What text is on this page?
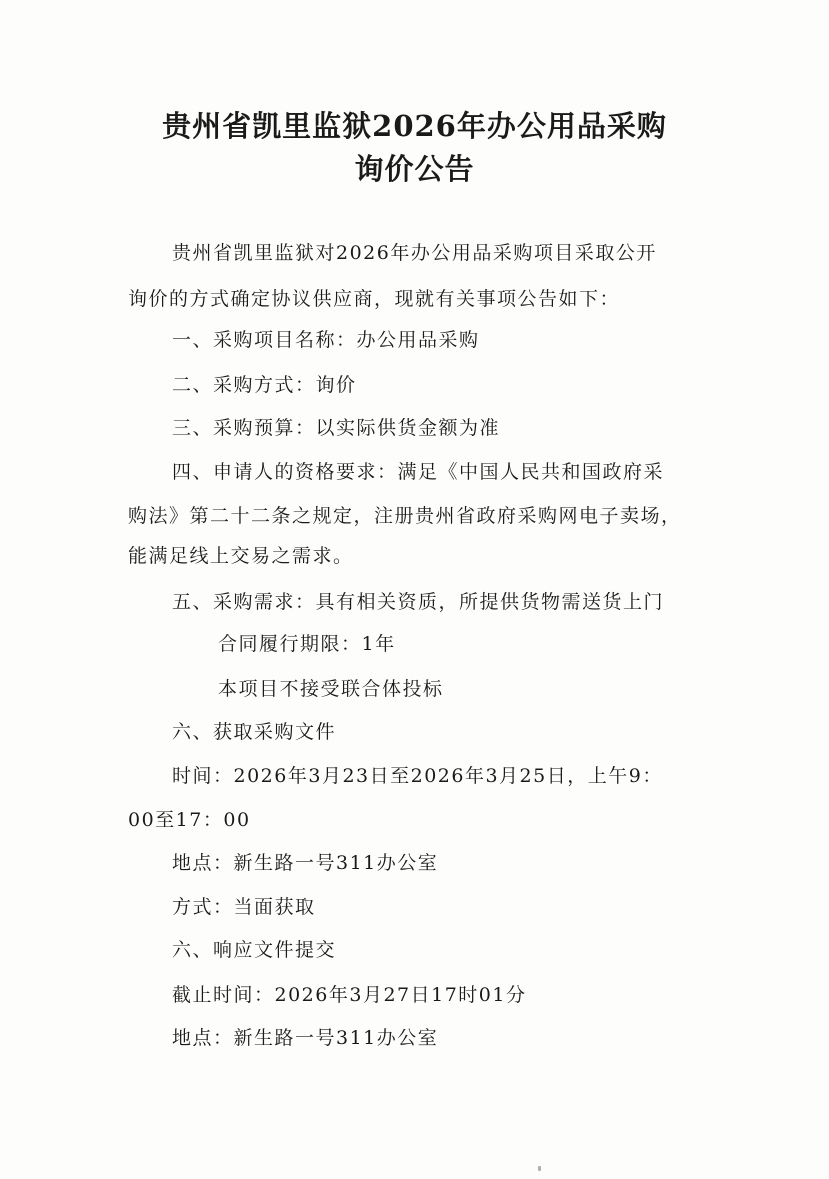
贵州省凯里监狱2026年办公用品采购
询价公告
贵州省凯里监狱对2026年办公用品采购项目采取公开
询价的方式确定协议供应商，现就有关事项公告如下：
一、采购项目名称：办公用品采购
二、采购方式：询价
三、采购预算：以实际供货金额为准
四、申请人的资格要求：满足《中国人民共和国政府采
购法》第二十二条之规定，注册贵州省政府采购网电子卖场，
能满足线上交易之需求。
五、采购需求：具有相关资质，所提供货物需送货上门
合同履行期限：1年
本项目不接受联合体投标
六、获取采购文件
时间：2026年3月23日至2026年3月25日，上午9：
00至17：00
地点：新生路一号311办公室
方式：当面获取
六、响应文件提交
截止时间：2026年3月27日17时01分
地点：新生路一号311办公室
